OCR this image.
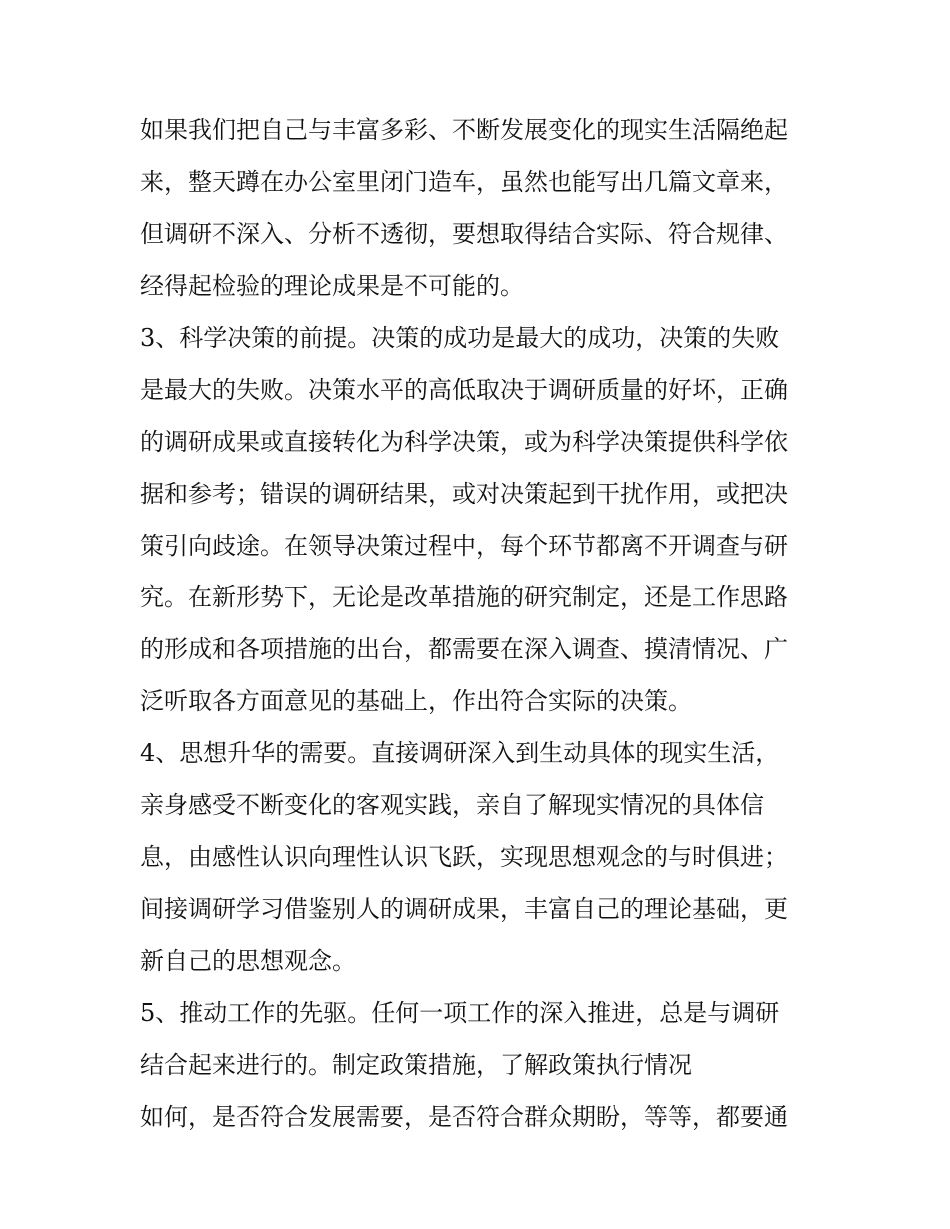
如果我们把自己与丰富多彩、不断发展变化的现实生活隔绝起
来，整天蹲在办公室里闭门造车，虽然也能写出几篇文章来，
但调研不深入、分析不透彻，要想取得结合实际、符合规律、
经得起检验的理论成果是不可能的。
3、科学决策的前提。决策的成功是最大的成功，决策的失败
是最大的失败。决策水平的高低取决于调研质量的好坏，正确
的调研成果或直接转化为科学决策，或为科学决策提供科学依
据和参考；错误的调研结果，或对决策起到干扰作用，或把决
策引向歧途。在领导决策过程中，每个环节都离不开调查与研
究。在新形势下，无论是改革措施的研究制定，还是工作思路
的形成和各项措施的出台，都需要在深入调查、摸清情况、广
泛听取各方面意见的基础上，作出符合实际的决策。
4、思想升华的需要。直接调研深入到生动具体的现实生活，
亲身感受不断变化的客观实践，亲自了解现实情况的具体信
息，由感性认识向理性认识飞跃，实现思想观念的与时俱进；
间接调研学习借鉴别人的调研成果，丰富自己的理论基础，更
新自己的思想观念。
5、推动工作的先驱。任何一项工作的深入推进，总是与调研
结合起来进行的。制定政策措施，了解政策执行情况
如何，是否符合发展需要，是否符合群众期盼，等等，都要通
